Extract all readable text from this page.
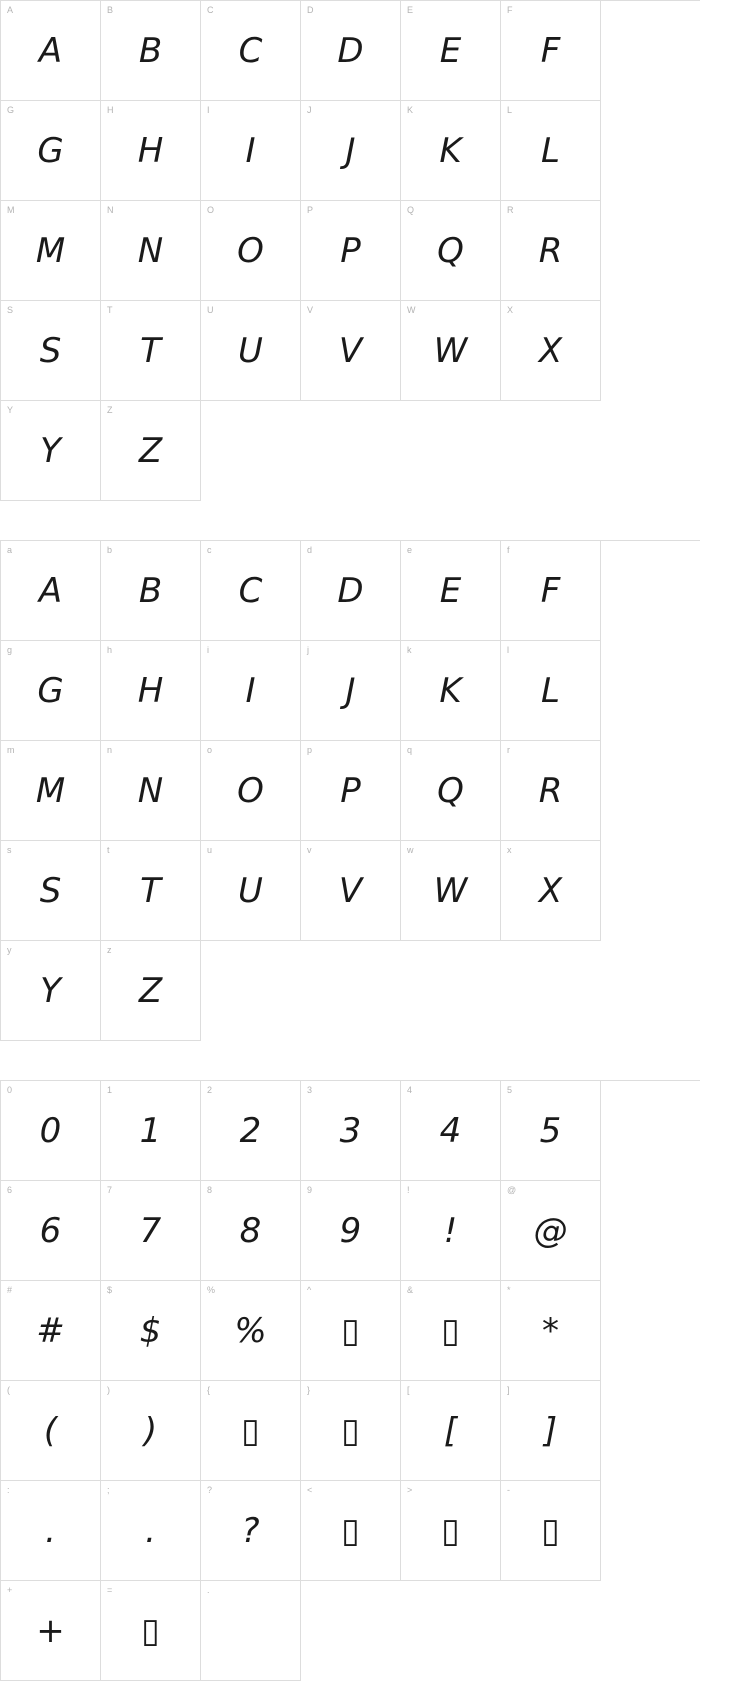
A
A
B
B
C
C
D
D
E
E
F
F
G
G
H
H
I
I
J
J
K
K
L
L
M
M
N
N
O
O
P
P
Q
Q
R
R
S
S
T
T
U
U
V
V
W
W
X
X
Y
Y
Z
Z
a
A
b
B
c
C
d
D
e
E
f
F
g
G
h
H
i
I
j
J
k
K
l
L
m
M
n
N
o
O
p
P
q
Q
r
R
s
S
t
T
u
U
v
V
w
W
x
X
y
Y
z
Z
0
0
1
1
2
2
3
3
4
4
5
5
6
6
7
7
8
8
9
9
!
!
@
@
#
#
$
$
%
%
^
▯
&
▯
*
*
(
(
)
)
{
▯
}
▯
[
[
]
]
:
.
;
.
?
?
<
▯
>
▯
-
▯
+
+
=
▯
.
